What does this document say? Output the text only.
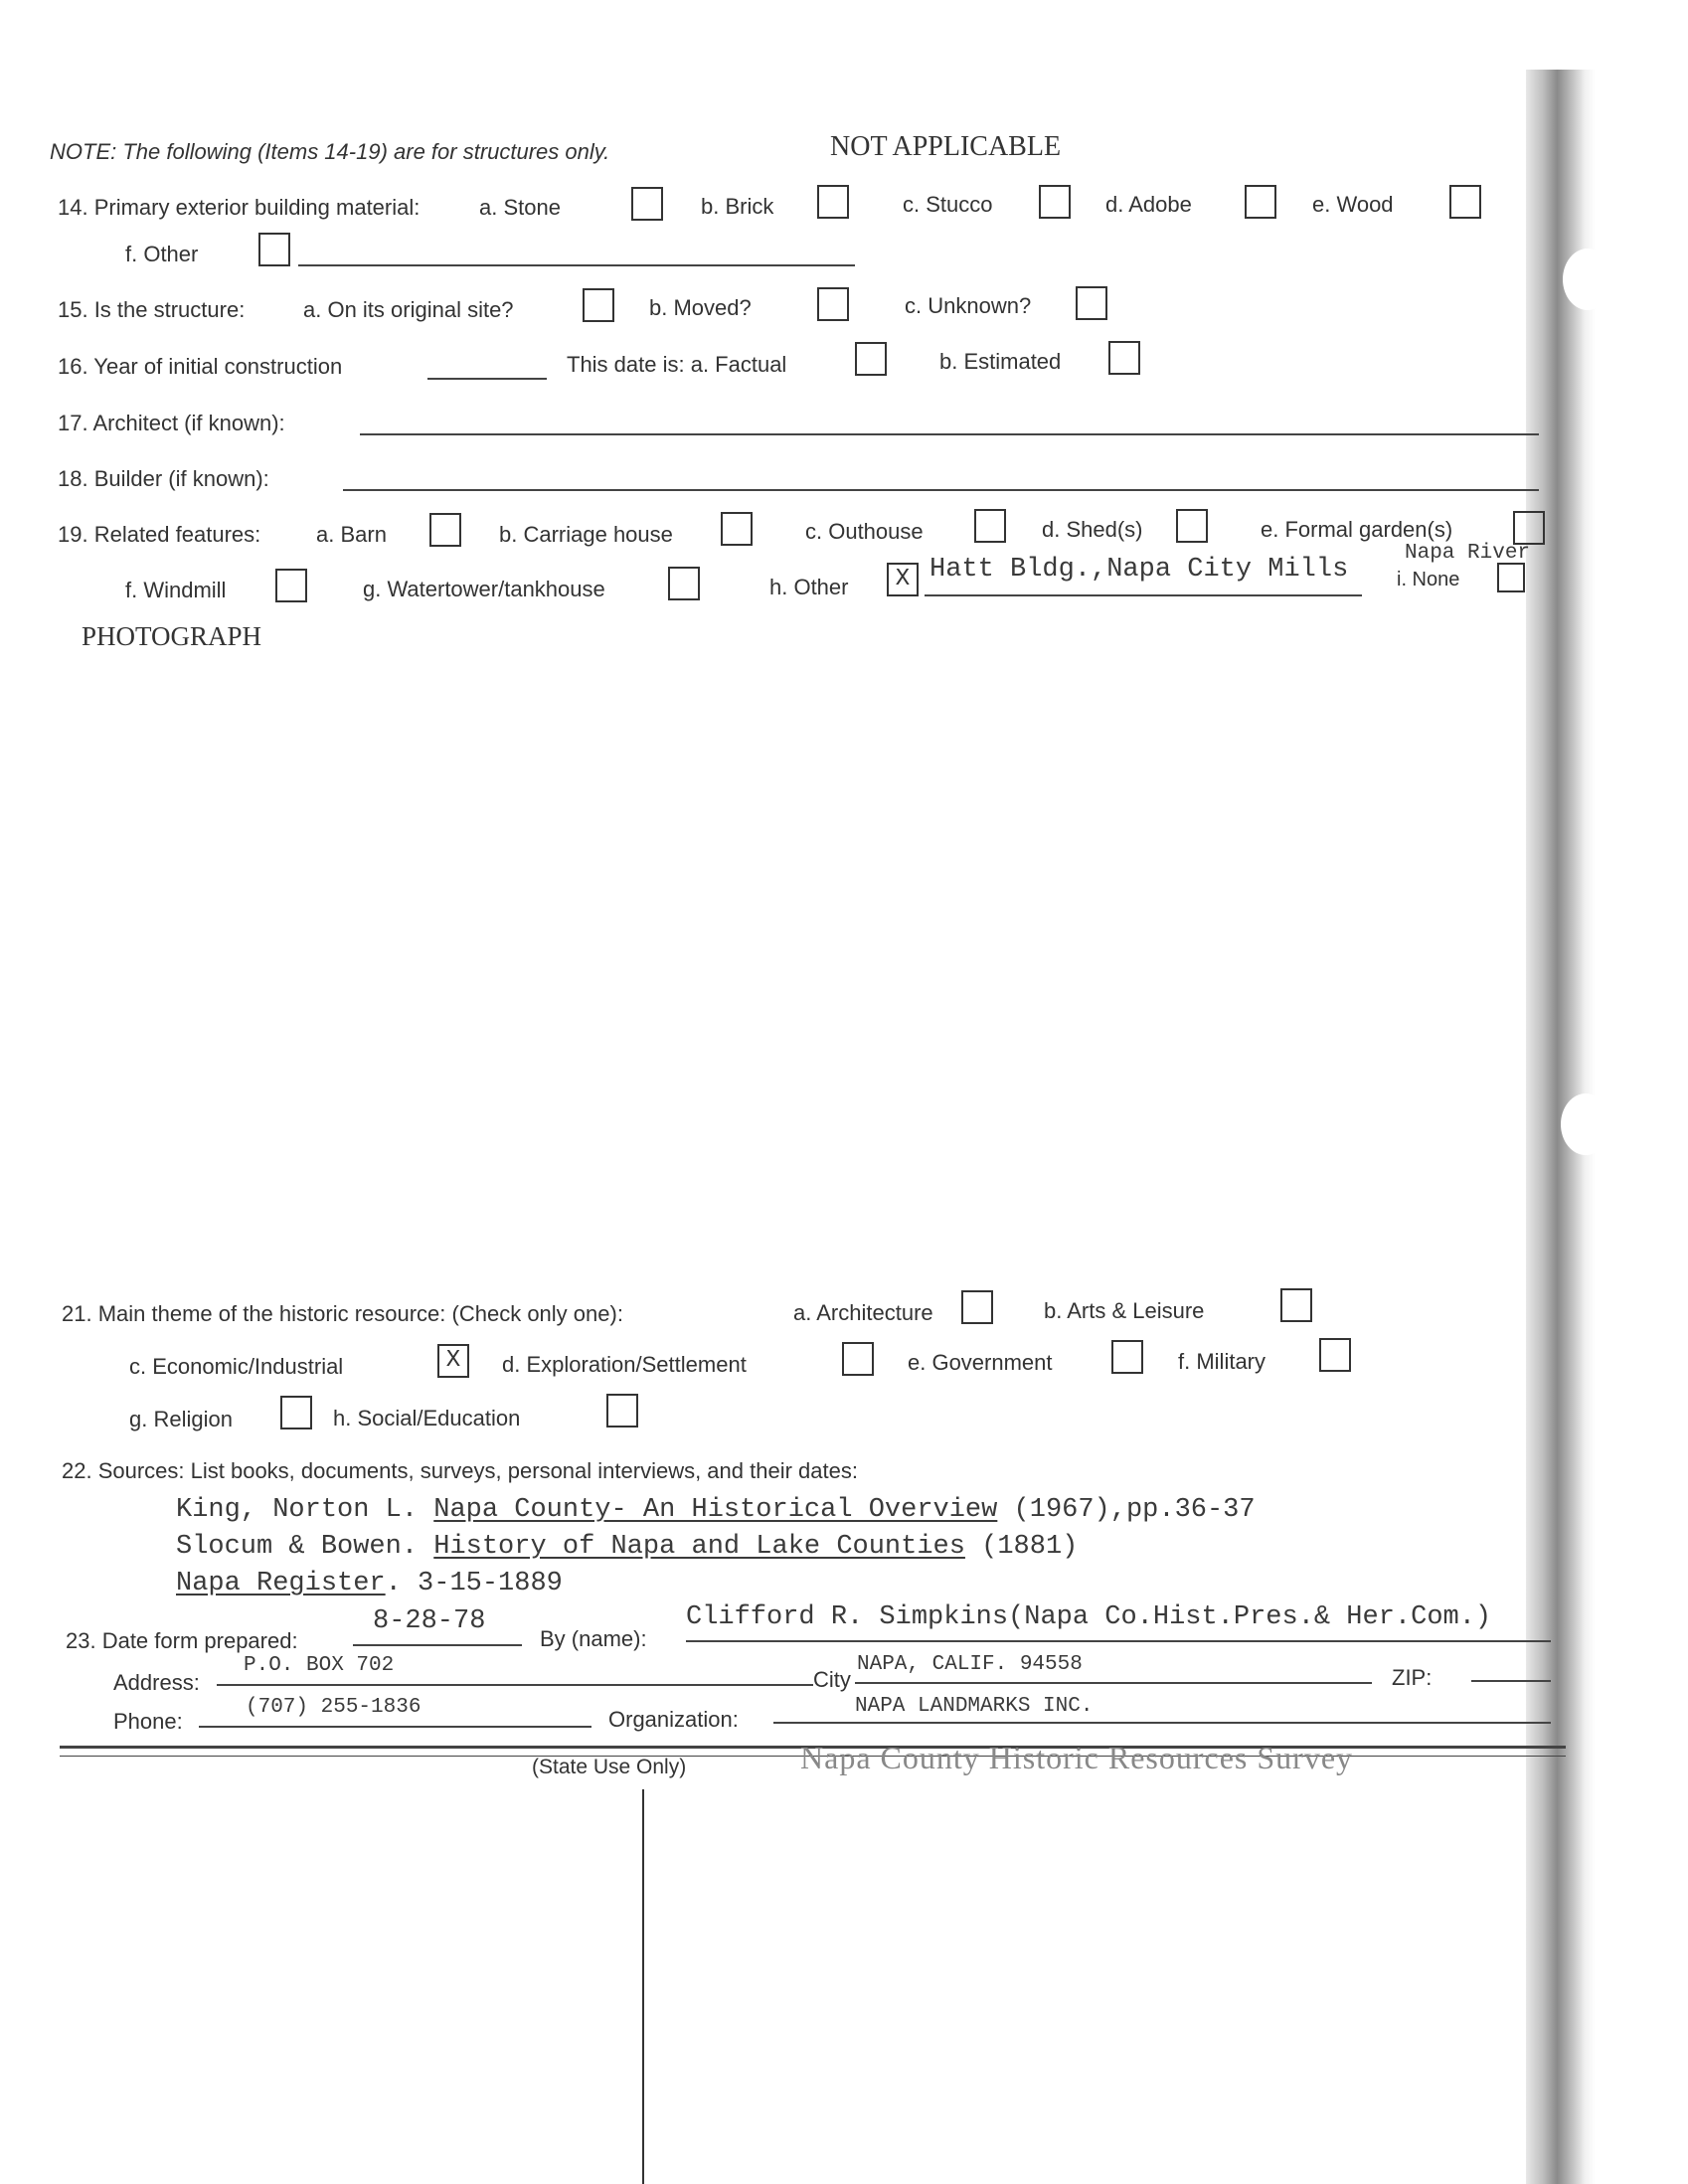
NOTE: The following (Items 14-19) are for structures only.	NOT APPLICABLE
14. Primary exterior building material:	a. Stone	b. Brick	c. Stucco	d. Adobe	e. Wood
f. Other
15. Is the structure:	a. On its original site?	b. Moved?	c. Unknown?
16. Year of initial construction	This date is: a. Factual	b. Estimated
17. Architect (if known):
18. Builder (if known):
19. Related features:	a. Barn	b. Carriage house	c. Outhouse	d. Shed(s)	e. Formal garden(s)
f. Windmill	g. Watertower/tankhouse	h. Other	X Hatt Bldg.,Napa City Mills
Napa River
i. None
PHOTOGRAPH
21. Main theme of the historic resource: (Check only one):	a. Architecture	b. Arts & Leisure
c. Economic/Industrial	X	d. Exploration/Settlement	e. Government	f. Military
g. Religion	h. Social/Education
22. Sources: List books, documents, surveys, personal interviews, and their dates:
King, Norton L. Napa County- An Historical Overview (1967),pp.36-37
Slocum & Bowen. History of Napa and Lake Counties (1881)
Napa Register. 3-15-1889
23. Date form prepared:
8-28-78
By (name):
Clifford R. Simpkins(Napa Co.Hist.Pres.& Her.Com.)
Address:
P.O. BOX 702
City
NAPA, CALIF. 94558
ZIP:
Phone:
(707) 255-1836	Organization:
NAPA LANDMARKS INC.
(State Use Only)	Napa County Historic Resources Survey
